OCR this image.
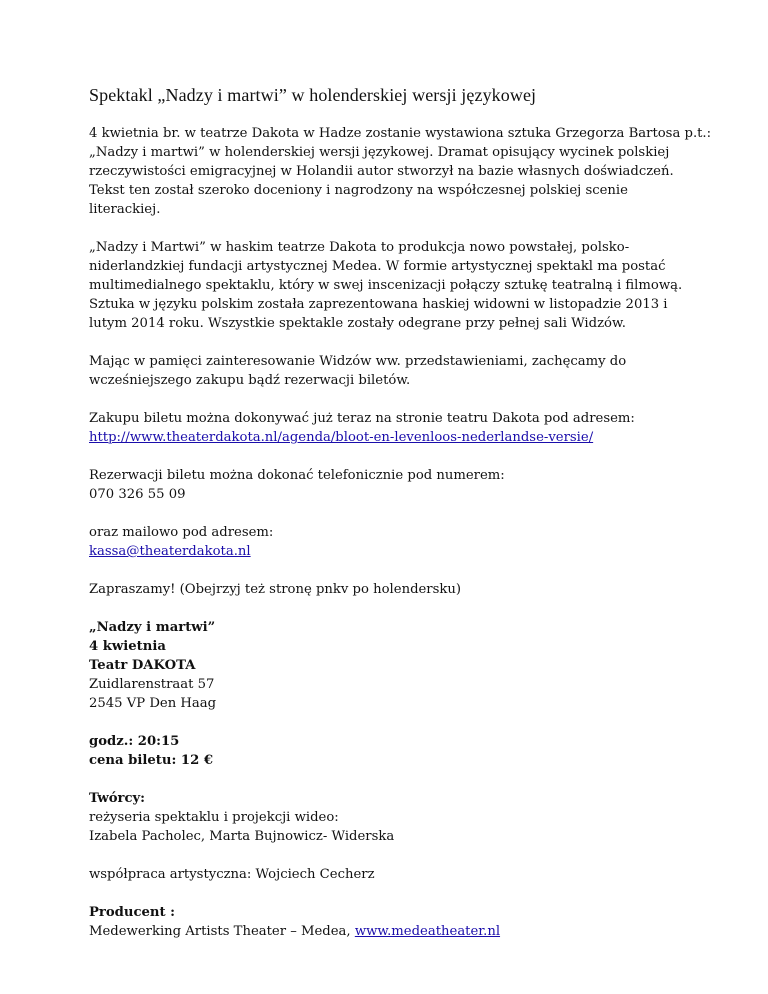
Spektakl „Nadzy i martwi” w holenderskiej wersji językowej

4 kwietnia br. w teatrze Dakota w Hadze zostanie wystawiona sztuka Grzegorza Bartosa p.t.:
„Nadzy i martwi” w holenderskiej wersji językowej. Dramat opisujący wycinek polskiej
rzeczywistości emigracyjnej w Holandii autor stworzył na bazie własnych doświadczeń.
Tekst ten został szeroko doceniony i nagrodzony na współczesnej polskiej scenie
literackiej.

„Nadzy i Martwi” w haskim teatrze Dakota to produkcja nowo powstałej, polsko-
niderlandzkiej fundacji artystycznej Medea. W formie artystycznej spektakl ma postać
multimedialnego spektaklu, który w swej inscenizacji połączy sztukę teatralną i filmową.
Sztuka w języku polskim została zaprezentowana haskiej widowni w listopadzie 2013 i
lutym 2014 roku. Wszystkie spektakle zostały odegrane przy pełnej sali Widzów.

Mając w pamięci zainteresowanie Widzów ww. przedstawieniami, zachęcamy do
wcześniejszego zakupu bądź rezerwacji biletów.

Zakupu biletu można dokonywać już teraz na stronie teatru Dakota pod adresem:
http://www.theaterdakota.nl/agenda/bloot-en-levenloos-nederlandse-versie/

Rezerwacji biletu można dokonać telefonicznie pod numerem:
070 326 55 09

oraz mailowo pod adresem:
kassa@theaterdakota.nl

Zapraszamy! (Obejrzyj też stronę pnkv po holendersku)

„Nadzy i martwi”
4 kwietnia
Teatr DAKOTA
Zuidlarenstraat 57
2545 VP Den Haag

godz.: 20:15
cena biletu: 12 €

Twórcy:
reżyseria spektaklu i projekcji wideo:
Izabela Pacholec, Marta Bujnowicz- Widerska

współpraca artystyczna: Wojciech Cecherz

Producent :
Medewerking Artists Theater – Medea, www.medeatheater.nl
